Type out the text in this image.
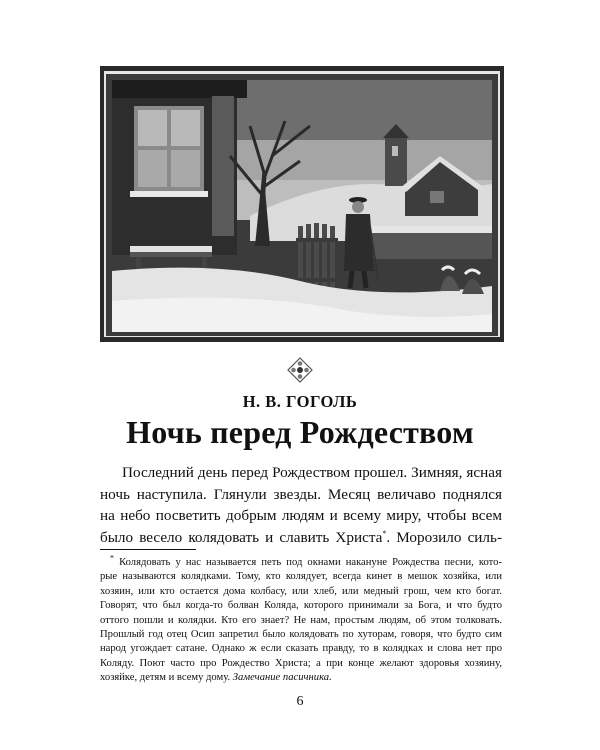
Н. В. ГОГОЛЬ
Ночь перед Рождеством
Последний день перед Рождеством прошел. Зимняя, ясная
ночь наступила. Глянули звезды. Месяц величаво поднялся
на небо посветить добрым людям и всему миру, чтобы всем
было весело колядовать и славить Христа*. Морозило силь-
* Колядовать у нас называется петь под окнами накануне Рождества песни, кото-
рые называются колядками. Тому, кто колядует, всегда кинет в мешок хозяйка, или
хозяин, или кто остается дома колбасу, или хлеб, или медный грош, чем кто богат.
Говорят, что был когда-то болван Коляда, которого принимали за Бога, и что будто
оттого пошли и колядки. Кто его знает? Не нам, простым людям, об этом толковать.
Прошлый год отец Осип запретил было колядовать по хуторам, говоря, что будто сим
народ угождает сатане. Однако ж если сказать правду, то в колядках и слова нет про
Коляду. Поют часто про Рождество Христа; а при конце желают здоровья хозяину,
хозяйке, детям и всему дому. Замечание пасичника.
6
